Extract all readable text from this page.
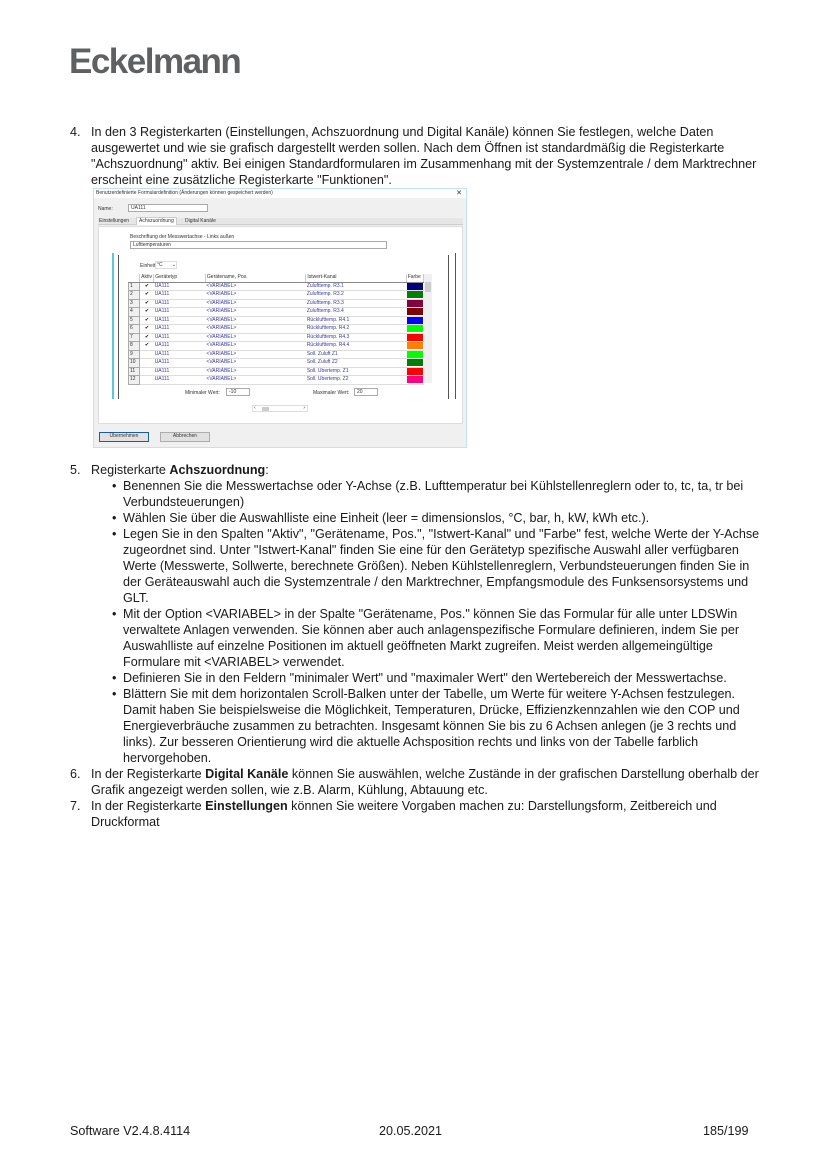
Eckelmann
4. In den 3 Registerkarten (Einstellungen, Achszuordnung und Digital Kanäle) können Sie festlegen, welche Daten ausgewertet und wie sie grafisch dargestellt werden sollen. Nach dem Öffnen ist standardmäßig die Registerkarte "Achszuordnung" aktiv. Bei einigen Standardformularen im Zusammenhang mit der Systemzentrale / dem Marktrechner erscheint eine zusätzliche Registerkarte "Funktionen".
Benutzerdefinierte Formulardefinition (Änderungen können gespeichert werden)	✕
Name:	UA111
Einstellungen	Achszuordnung	Digital Kanäle
Beschriftung der Messwertachse - Links außen
Lufttemperaturen
Einheit °C ⌄
	Aktiv	Gerätetyp	Gerätename, Pos.	Istwert-Kanal	Farbe
1	✔	UA111	<VARIABEL>	Zulufttemp. R3.1	

2	✔	UA111	<VARIABEL>	Zulufttemp. R3.2	

3	✔	UA111	<VARIABEL>	Zulufttemp. R3.3	

4	✔	UA111	<VARIABEL>	Zulufttemp. R3.4	

5	✔	UA111	<VARIABEL>	Rücklufttemp. R4.1	

6	✔	UA111	<VARIABEL>	Rücklufttemp. R4.2	

7	✔	UA111	<VARIABEL>	Rücklufttemp. R4.3	

8	✔	UA111	<VARIABEL>	Rücklufttemp. R4.4	

9		UA111	<VARIABEL>	Soll. Zuluft Z1	

10		UA111	<VARIABEL>	Soll. Zuluft Z2	

11		UA111	<VARIABEL>	Soll. Übertemp. Z1	

12		UA111	<VARIABEL>	Soll. Übertemp. Z2	
Minimaler Wert:	-10	Maximaler Wert:	20
‹	›
Übernehmen	Abbrechen
5. Registerkarte Achszuordnung:
• Benennen Sie die Messwertachse oder Y-Achse (z.B. Lufttemperatur bei Kühlstellenreglern oder to, tc, ta, tr bei Verbundsteuerungen)
• Wählen Sie über die Auswahlliste eine Einheit (leer = dimensionslos, °C, bar, h, kW, kWh etc.).
• Legen Sie in den Spalten "Aktiv", "Gerätename, Pos.", "Istwert-Kanal" und "Farbe" fest, welche Werte der Y-Achse zugeordnet sind. Unter "Istwert-Kanal" finden Sie eine für den Gerätetyp spezifische Auswahl aller verfügbaren Werte (Messwerte, Sollwerte, berechnete Größen). Neben Kühlstellenreglern, Verbundsteuerungen finden Sie in der Geräteauswahl auch die Systemzentrale / den Marktrechner, Empfangsmodule des Funksensorsystems und GLT.
• Mit der Option <VARIABEL> in der Spalte "Gerätename, Pos." können Sie das Formular für alle unter LDSWin verwaltete Anlagen verwenden. Sie können aber auch anlagenspezifische Formulare definieren, indem Sie per Auswahlliste auf einzelne Positionen im aktuell geöffneten Markt zugreifen. Meist werden allgemeingültige Formulare mit <VARIABEL> verwendet.
• Definieren Sie in den Feldern "minimaler Wert" und "maximaler Wert" den Wertebereich der Messwertachse.
• Blättern Sie mit dem horizontalen Scroll-Balken unter der Tabelle, um Werte für weitere Y-Achsen festzulegen. Damit haben Sie beispielsweise die Möglichkeit, Temperaturen, Drücke, Effizienzkennzahlen wie den COP und Energieverbräuche zusammen zu betrachten. Insgesamt können Sie bis zu 6 Achsen anlegen (je 3 rechts und links). Zur besseren Orientierung wird die aktuelle Achsposition rechts und links von der Tabelle farblich hervorgehoben.
6. In der Registerkarte Digital Kanäle können Sie auswählen, welche Zustände in der grafischen Darstellung oberhalb der Grafik angezeigt werden sollen, wie z.B. Alarm, Kühlung, Abtauung etc.
7. In der Registerkarte Einstellungen können Sie weitere Vorgaben machen zu: Darstellungsform, Zeitbereich und Druckformat
Software V2.4.8.4114	20.05.2021	185/199
